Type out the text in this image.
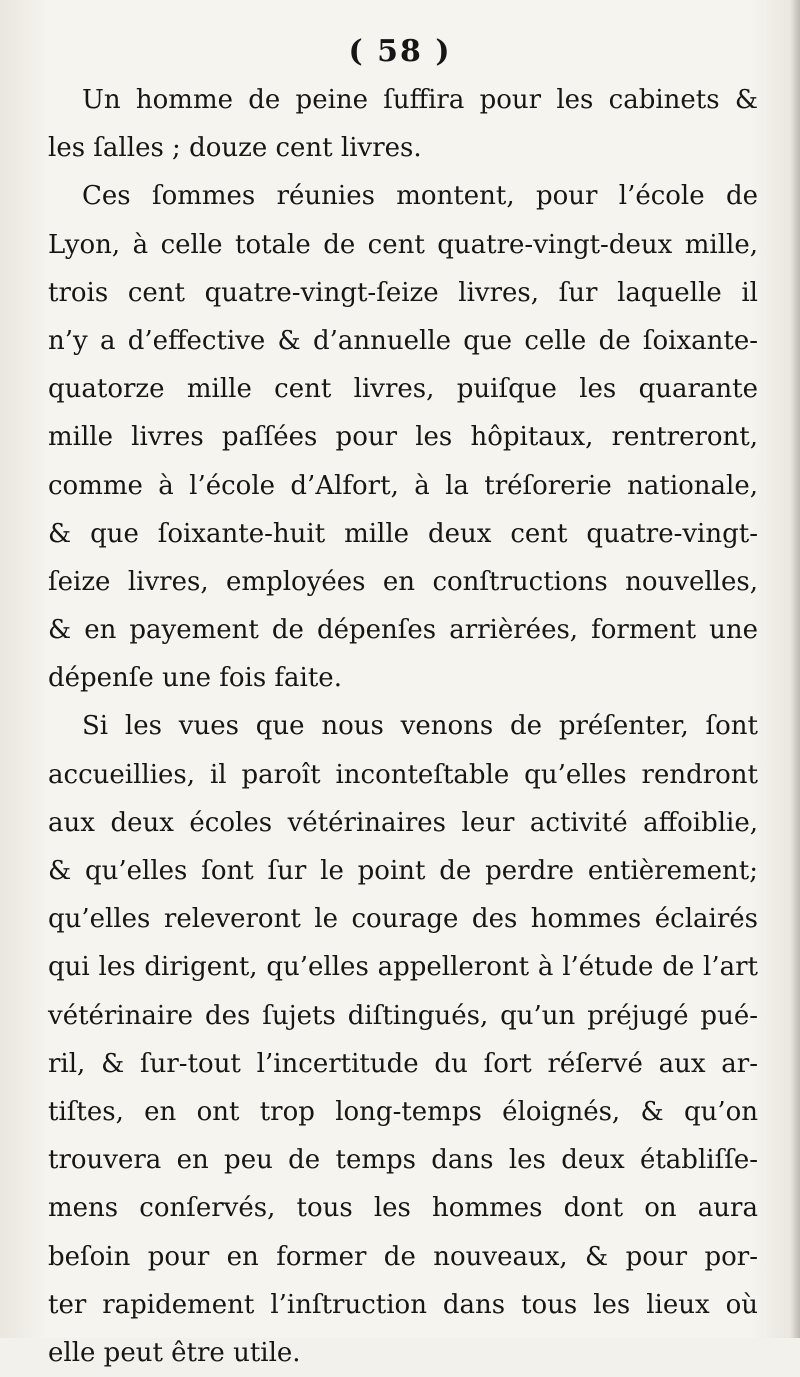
( 58 )
Un homme de peine ſuffira pour les cabinets &
les ſalles ; douze cent livres.
Ces ſommes réunies montent, pour l’école de
Lyon, à celle totale de cent quatre-vingt-deux mille,
trois cent quatre-vingt-ſeize livres, ſur laquelle il
n’y a d’effective & d’annuelle que celle de ſoixante-
quatorze mille cent livres, puiſque les quarante
mille livres paſſées pour les hôpitaux, rentreront,
comme à l’école d’Alfort, à la tréſorerie nationale,
& que ſoixante-huit mille deux cent quatre-vingt-
ſeize livres, employées en conſtructions nouvelles,
& en payement de dépenſes arrièrées, forment une
dépenſe une fois faite.
Si les vues que nous venons de préſenter, ſont
accueillies, il paroît inconteſtable qu’elles rendront
aux deux écoles vétérinaires leur activité affoiblie,
& qu’elles ſont ſur le point de perdre entièrement;
qu’elles releveront le courage des hommes éclairés
qui les dirigent, qu’elles appelleront à l’étude de l’art
vétérinaire des ſujets diſtingués, qu’un préjugé pué-
ril, & ſur-tout l’incertitude du ſort réſervé aux ar-
tiſtes, en ont trop long-temps éloignés, & qu’on
trouvera en peu de temps dans les deux établiſſe-
mens conſervés, tous les hommes dont on aura
beſoin pour en former de nouveaux, & pour por-
ter rapidement l’inſtruction dans tous les lieux où
elle peut être utile.
